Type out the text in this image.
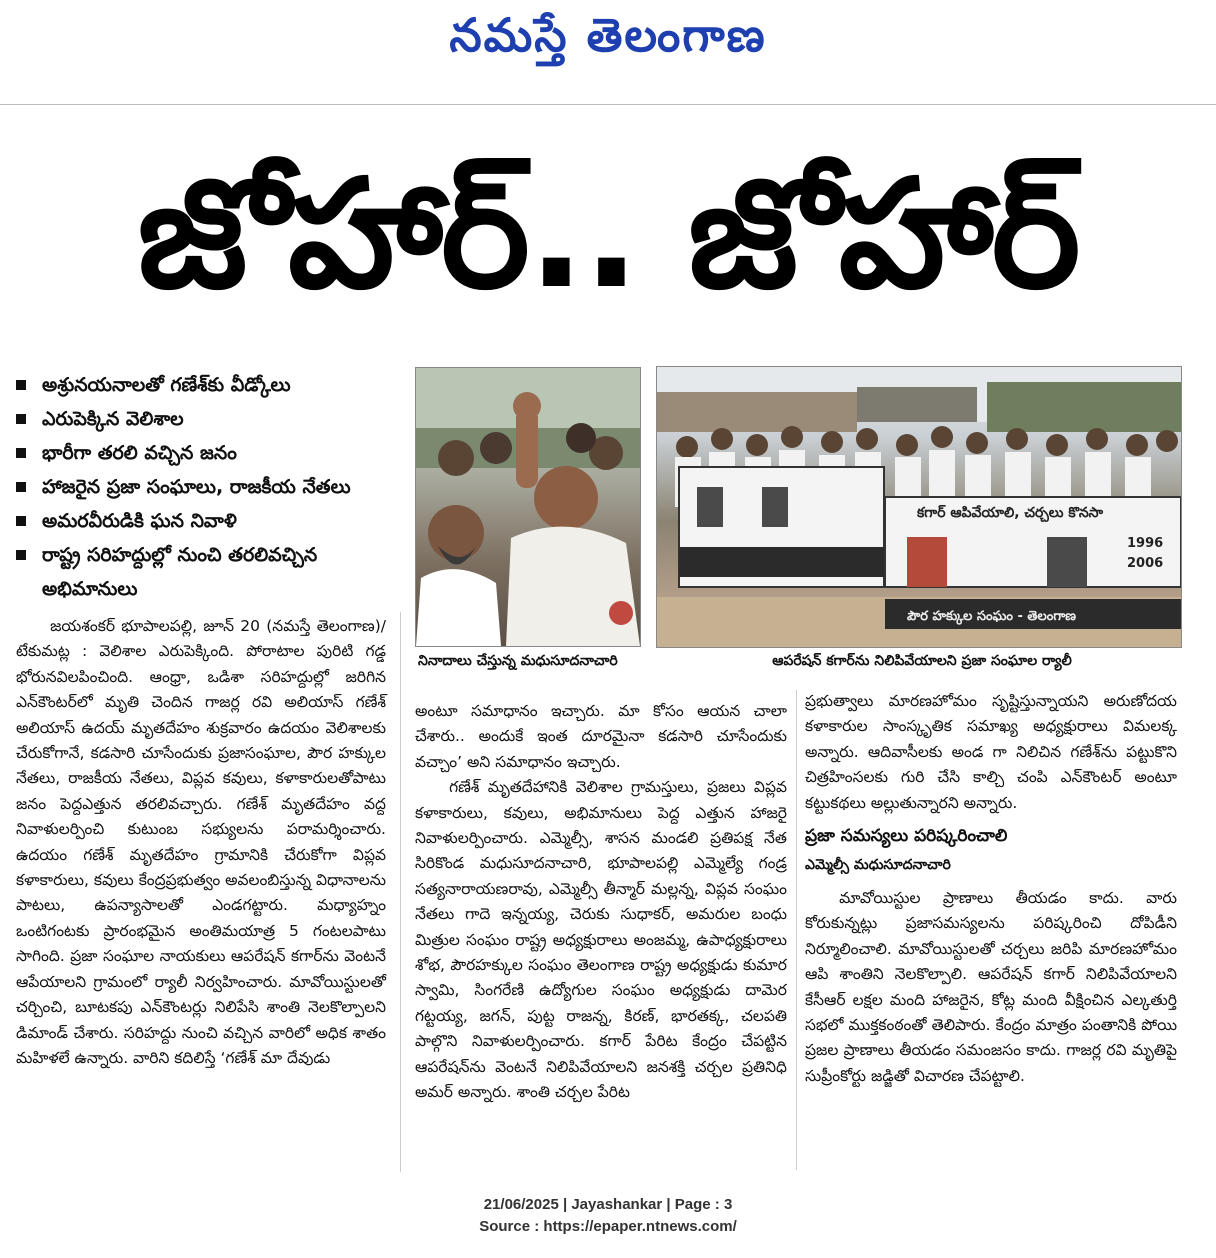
నమస్తే తెలంగాణ
జోహార్.. జోహార్
అశ్రునయనాలతో గణేశ్‌కు వీడ్కోలు
ఎరుపెక్కిన వెలిశాల
భారీగా తరలి వచ్చిన జనం
హాజరైన ప్రజా సంఘాలు, రాజకీయ నేతలు
అమరవీరుడికి ఘన నివాళి
రాష్ట్ర సరిహద్దుల్లో నుంచి తరలివచ్చిన అభిమానులు
కగార్ ఆపివేయాలి, చర్చలు కొనసా
పౌర హక్కుల సంఘం - తెలంగాణ
1996
2006
నినాదాలు చేస్తున్న మధుసూదనాచారి	ఆపరేషన్ కగార్‌ను నిలిపివేయాలని ప్రజా సంఘాల ర్యాలీ

జయశంకర్ భూపాలపల్లి, జూన్ 20 (నమస్తే తెలంగాణ)/టేకుమట్ల : వెలిశాల ఎరుపెక్కింది. పోరాటాల పురిటి గడ్డ భోరునవిలపించింది. ఆంధ్రా, ఒడిశా సరిహద్దుల్లో జరిగిన ఎన్‌కౌంటర్‌లో మృతి చెందిన గాజర్ల రవి అలియాస్ గణేశ్ అలియాస్ ఉదయ్ మృతదేహం శుక్రవారం ఉదయం వెలిశాలకు చేరుకోగానే, కడసారి చూసేందుకు ప్రజాసంఘాల, పౌర హక్కుల నేతలు, రాజకీయ నేతలు, విప్లవ కవులు, కళాకారులతోపాటు జనం పెద్దఎత్తున తరలివచ్చారు. గణేశ్ మృతదేహం వద్ద నివాళులర్పించి కుటుంబ సభ్యులను పరామర్శించారు. ఉదయం గణేశ్ మృతదేహం గ్రామానికి చేరుకోగా విప్లవ కళాకారులు, కవులు కేంద్రప్రభుత్వం అవలంబిస్తున్న విధానాలను పాటలు, ఉపన్యాసాలతో ఎండగట్టారు. మధ్యాహ్నం ఒంటిగంటకు ప్రారంభమైన అంతిమయాత్ర 5 గంటలపాటు సాగింది. ప్రజా సంఘాల నాయకులు ఆపరేషన్ కగార్‌ను వెంటనే ఆపేయాలని గ్రామంలో ర్యాలీ నిర్వహించారు. మావోయిస్టులతో చర్చించి, బూటకపు ఎన్‌కౌంటర్లు నిలిపేసి శాంతి నెలకొల్పాలని డిమాండ్ చేశారు. సరిహద్దు నుంచి వచ్చిన వారిలో అధిక శాతం మహిళలే ఉన్నారు. వారిని కదిలిస్తే ‘గణేశ్ మా దేవుడు

అంటూ సమాధానం ఇచ్చారు. మా కోసం ఆయన చాలా చేశారు.. అందుకే ఇంత దూరమైనా కడసారి చూసేందుకు వచ్చాం’ అని సమాధానం ఇచ్చారు.

గణేశ్ మృతదేహానికి వెలిశాల గ్రామస్తులు, ప్రజలు విప్లవ కళాకారులు, కవులు, అభిమానులు పెద్ద ఎత్తున హాజరై నివాళులర్పించారు. ఎమ్మెల్సీ, శాసన మండలి ప్రతిపక్ష నేత సిరికొండ మధుసూదనాచారి, భూపాలపల్లి ఎమ్మెల్యే గండ్ర సత్యనారాయణరావు, ఎమ్మెల్సీ తీన్మార్ మల్లన్న, విప్లవ సంఘం నేతలు గాదె ఇన్నయ్య, చెరుకు సుధాకర్, అమరుల బంధు మిత్రుల సంఘం రాష్ట్ర అధ్యక్షురాలు అంజమ్మ, ఉపాధ్యక్షురాలు శోభ, పౌరహక్కుల సంఘం తెలంగాణ రాష్ట్ర అధ్యక్షుడు కుమార స్వామి, సింగరేణి ఉద్యోగుల సంఘం అధ్యక్షుడు దామెర గట్టయ్య, జగన్, పుట్ట రాజన్న, కిరణ్, భారతక్క, చలపతి పాల్గొని నివాళులర్పించారు. కగార్ పేరిట కేంద్రం చేపట్టిన ఆపరేషన్‌ను వెంటనే నిలిపివేయాలని జనశక్తి చర్చల ప్రతినిధి అమర్ అన్నారు. శాంతి చర్చల పేరిట

ప్రభుత్వాలు మారణహోమం సృష్టిస్తున్నాయని అరుణోదయ కళాకారుల సాంస్కృతిక సమాఖ్య అధ్యక్షురాలు విమలక్క అన్నారు. ఆదివాసీలకు అండ గా నిలిచిన గణేశ్‌ను పట్టుకొని చిత్రహింసలకు గురి చేసి కాల్చి చంపి ఎన్‌కౌంటర్ అంటూ కట్టుకథలు అల్లుతున్నారని అన్నారు.

ప్రజా సమస్యలు పరిష్కరించాలి
ఎమ్మెల్సీ మధుసూదనాచారి

మావోయిస్టుల ప్రాణాలు తీయడం కాదు. వారు కోరుకున్నట్లు ప్రజాసమస్యలను పరిష్కరించి దోపిడీని నిర్మూలించాలి. మావోయిస్టులతో చర్చలు జరిపి మారణహోమం ఆపి శాంతిని నెలకొల్పాలి. ఆపరేషన్ కగార్ నిలిపివేయాలని కేసీఆర్ లక్షల మంది హాజరైన, కోట్ల మంది వీక్షించిన ఎల్కతుర్తి సభలో ముక్తకంఠంతో తెలిపారు. కేంద్రం మాత్రం పంతానికి పోయి ప్రజల ప్రాణాలు తీయడం సమంజసం కాదు. గాజర్ల రవి మృతిపై సుప్రీంకోర్టు జడ్జితో విచారణ చేపట్టాలి.

21/06/2025 | Jayashankar | Page : 3
Source : https://epaper.ntnews.com/
